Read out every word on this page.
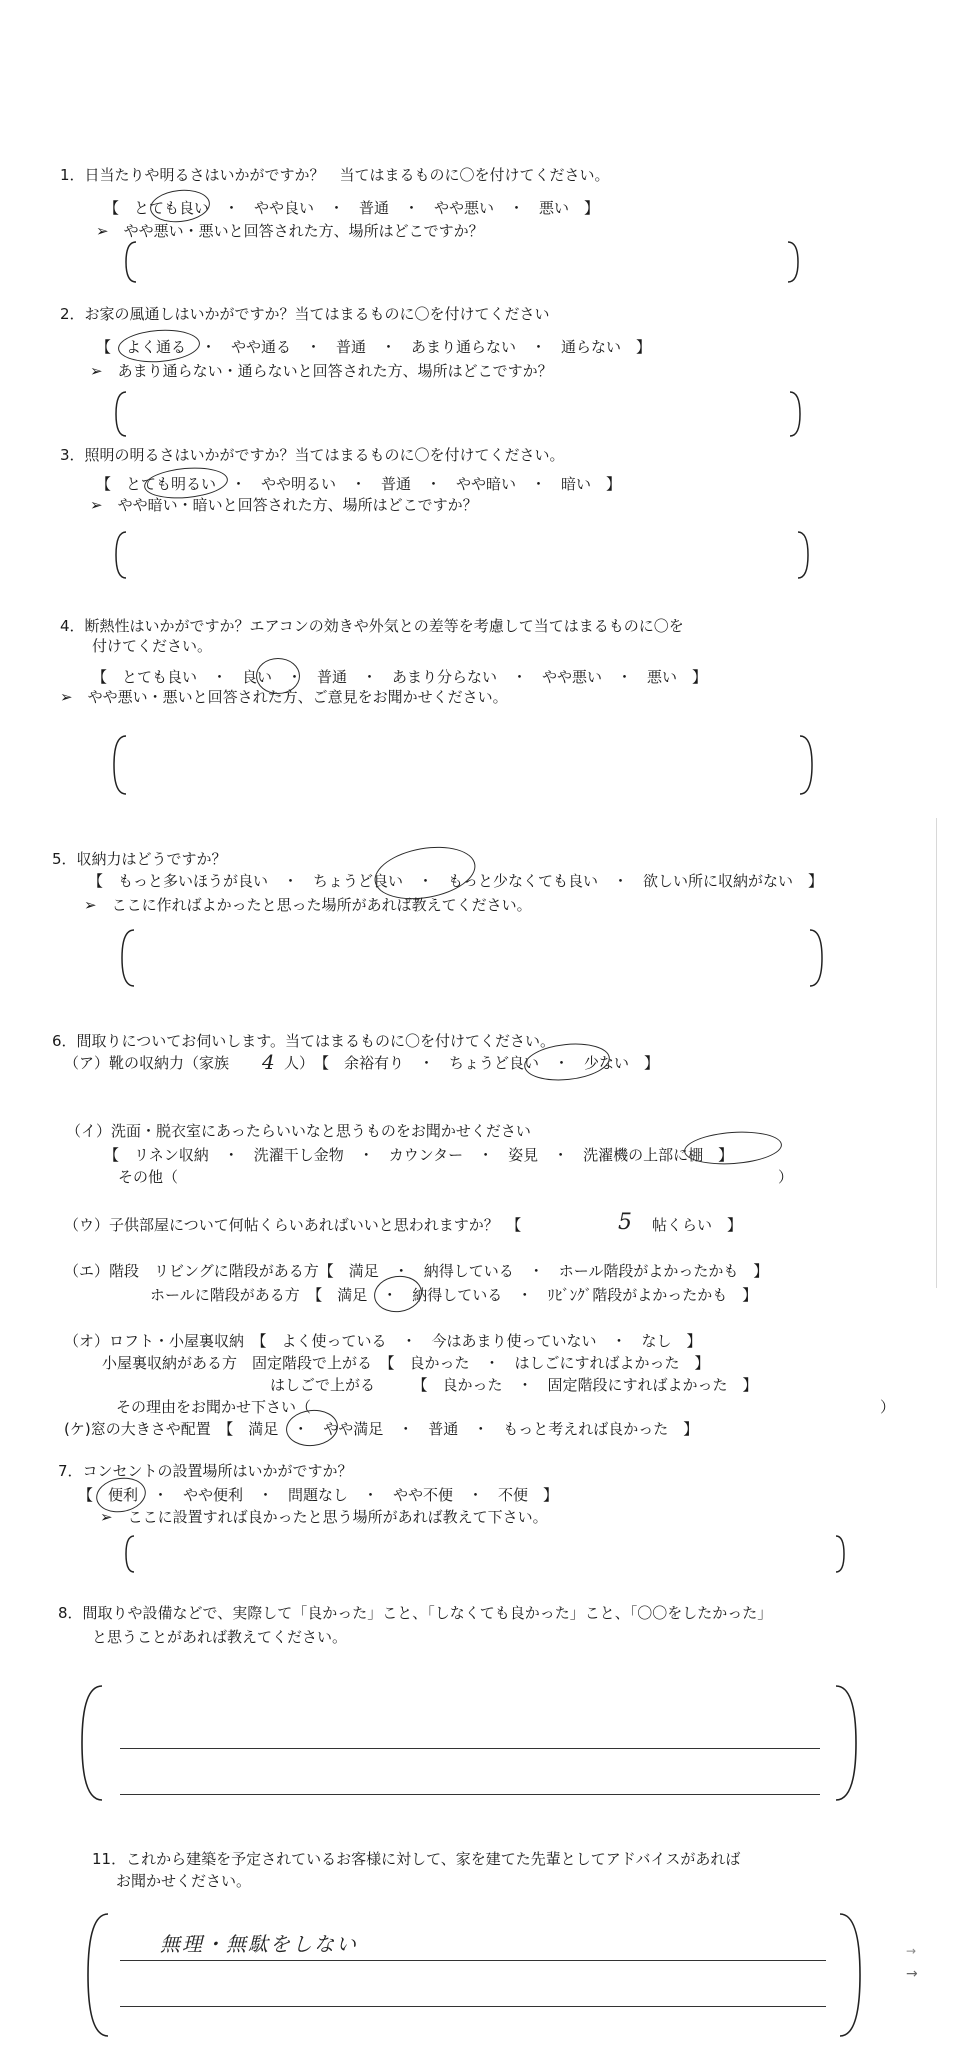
1．日当たりや明るさはいかがですか？　当てはまるものに〇を付けてください。
【　とても良い　・　やや良い　・　普通　・　やや悪い　・　悪い　】
➢　やや悪い・悪いと回答された方、場所はどこですか？
2．お家の風通しはいかがですか？当てはまるものに〇を付けてください
【　よく通る　・　やや通る　・　普通　・　あまり通らない　・　通らない　】
➢　あまり通らない・通らないと回答された方、場所はどこですか？
3．照明の明るさはいかがですか？当てはまるものに〇を付けてください。
【　とても明るい　・　やや明るい　・　普通　・　やや暗い　・　暗い　】
➢　やや暗い・暗いと回答された方、場所はどこですか？
4．断熱性はいかがですか？エアコンの効きや外気との差等を考慮して当てはまるものに〇を
付けてください。
【　とても良い　・　良い　・　普通　・　あまり分らない　・　やや悪い　・　悪い　】
➢　やや悪い・悪いと回答された方、ご意見をお聞かせください。
5．収納力はどうですか？
【　もっと多いほうが良い　・　ちょうど良い　・　もっと少なくても良い　・　欲しい所に収納がない　】
➢　ここに作ればよかったと思った場所があれば教えてください。
6．間取りについてお伺いします。当てはまるものに〇を付けてください。
（ア）靴の収納力（家族 4 人）　【　余裕有り　・　ちょうど良い　・　少ない　】
（イ）洗面・脱衣室にあったらいいなと思うものをお聞かせください
【　リネン収納　・　洗濯干し金物　・　カウンター　・　姿見　・　洗濯機の上部に棚　】
その他（	）
（ウ）子供部屋について何帖くらいあればいいと思われますか？　【	5 帖くらい　】
（エ）階段　リビングに階段がある方【　満足　・　納得している　・　ホール階段がよかったかも　】
ホールに階段がある方　【　満足　・　納得している　・　ﾘﾋﾞﾝｸﾞ階段がよかったかも　】
（オ）ロフト・小屋裏収納　【　よく使っている　・　今はあまり使っていない　・　なし　】
小屋裏収納がある方　固定階段で上がる　【　良かった　・　はしごにすればよかった　】
はしごで上がる　　　【　良かった　・　固定階段にすればよかった　】
その理由をお聞かせ下さい（	）
(ケ)窓の大きさや配置　【　満足　・　やや満足　・　普通　・　もっと考えれば良かった　】
7．コンセントの設置場所はいかがですか？
【　便利　・　やや便利　・　問題なし　・　やや不便　・　不便　】
➢　ここに設置すれば良かったと思う場所があれば教えて下さい。
8．間取りや設備などで、実際して「良かった」こと、「しなくても良かった」こと、「〇〇をしたかった」
と思うことがあれば教えてください。
11．これから建築を予定されているお客様に対して、家を建てた先輩としてアドバイスがあれば
お聞かせください。
無理・無駄をしない	→
→
